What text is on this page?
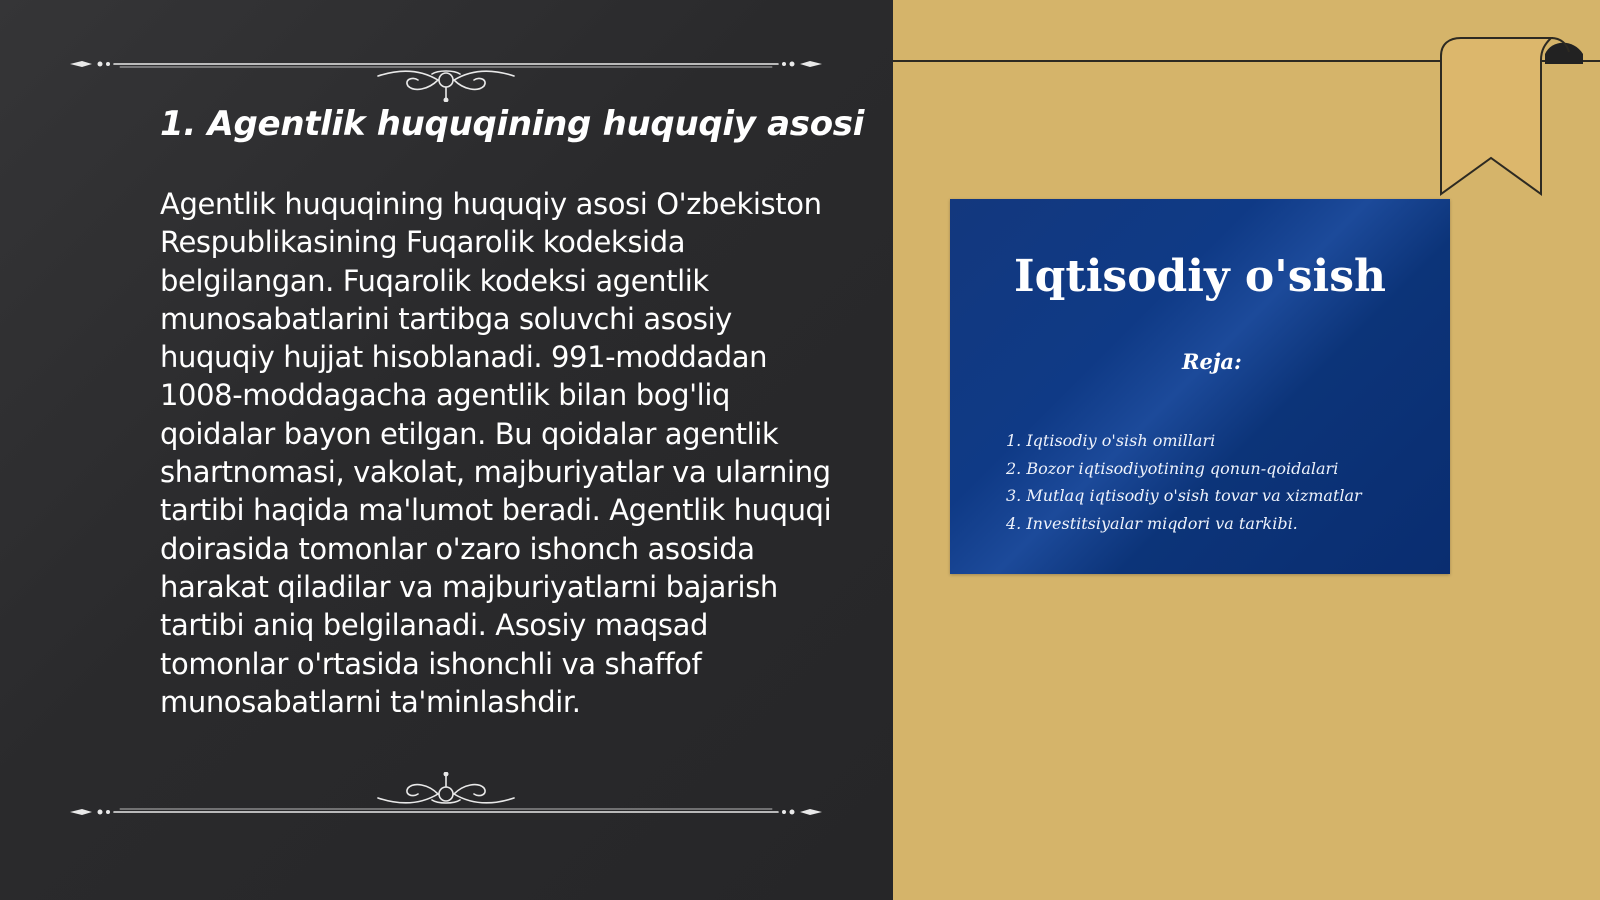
1. Agentlik huquqining huquqiy asosi

Agentlik huquqining huquqiy asosi O'zbekiston Respublikasining Fuqarolik kodeksida belgilangan. Fuqarolik kodeksi agentlik munosabatlarini tartibga soluvchi asosiy huquqiy hujjat hisoblanadi. 991-moddadan 1008-moddagacha agentlik bilan bog'liq qoidalar bayon etilgan. Bu qoidalar agentlik shartnomasi, vakolat, majburiyatlar va ularning tartibi haqida ma'lumot beradi. Agentlik huquqi doirasida tomonlar o'zaro ishonch asosida harakat qiladilar va majburiyatlarni bajarish tartibi aniq belgilanadi. Asosiy maqsad tomonlar o'rtasida ishonchli va shaffof munosabatlarni ta'minlashdir.

Iqtisodiy o'sish
Reja:
1. Iqtisodiy o'sish omillari
2. Bozor iqtisodiyotining qonun-qoidalari
3. Mutlaq iqtisodiy o'sish tovar va xizmatlar
4. Investitsiyalar miqdori va tarkibi.
